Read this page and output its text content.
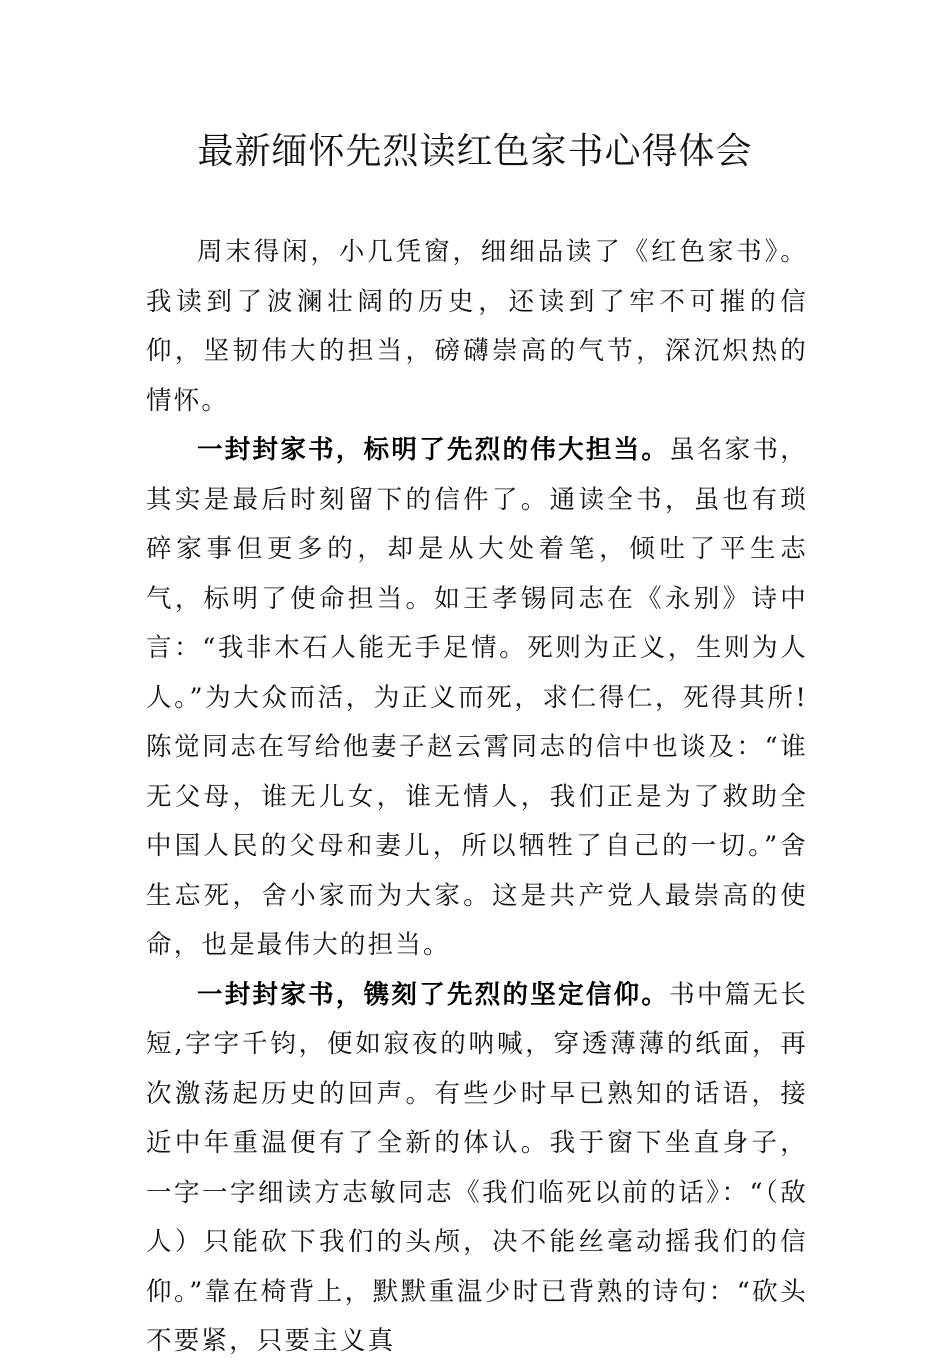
最新缅怀先烈读红色家书心得体会

周末得闲，小几凭窗，细细品读了《红色家书》。我读到了波澜壮阔的历史，还读到了牢不可摧的信仰，坚韧伟大的担当，磅礴崇高的气节，深沉炽热的情怀。

一封封家书，标明了先烈的伟大担当。虽名家书，其实是最后时刻留下的信件了。通读全书，虽也有琐碎家事但更多的，却是从大处着笔，倾吐了平生志气，标明了使命担当。如王孝锡同志在《永别》诗中言：“我非木石人能无手足情。死则为正义，生则为人人。”为大众而活，为正义而死，求仁得仁，死得其所!陈觉同志在写给他妻子赵云霄同志的信中也谈及：“谁无父母，谁无儿女，谁无情人，我们正是为了救助全中国人民的父母和妻儿，所以牺牲了自己的一切。”舍生忘死，舍小家而为大家。这是共产党人最崇高的使命，也是最伟大的担当。

一封封家书，镌刻了先烈的坚定信仰。书中篇无长短,字字千钧，便如寂夜的呐喊，穿透薄薄的纸面，再次激荡起历史的回声。有些少时早已熟知的话语，接近中年重温便有了全新的体认。我于窗下坐直身子，一字一字细读方志敏同志《我们临死以前的话》：“（敌人）只能砍下我们的头颅，决不能丝毫动摇我们的信仰。”靠在椅背上，默默重温少时已背熟的诗句：“砍头不要紧，只要主义真
